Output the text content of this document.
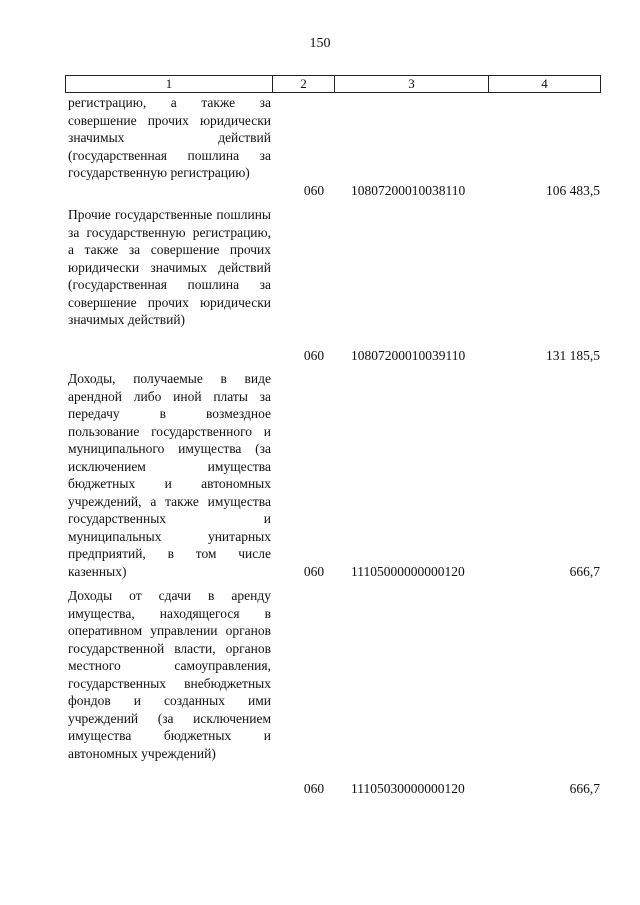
150
1	2	3	4
регистрацию, а также за совершение прочих юридически значимых действий (государственная пошлина за государственную регистрацию)
060	10807200010038110	106 483,5
Прочие государственные пошлины за государственную регистрацию, а также за совершение прочих юридически значимых действий (государственная пошлина за совершение прочих юридически значимых действий)
060	10807200010039110	131 185,5
Доходы, получаемые в виде арендной либо иной платы за передачу в возмездное пользование государственного и муниципального имущества (за исключением имущества бюджетных и автономных учреждений, а также имущества государственных и муниципальных унитарных предприятий, в том числе казенных)	060	11105000000000120	666,7
Доходы от сдачи в аренду имущества, находящегося в оперативном управлении органов государственной власти, органов местного самоуправления, государственных внебюджетных фондов и созданных ими учреждений (за исключением имущества бюджетных и автономных учреждений)
060	11105030000000120	666,7
